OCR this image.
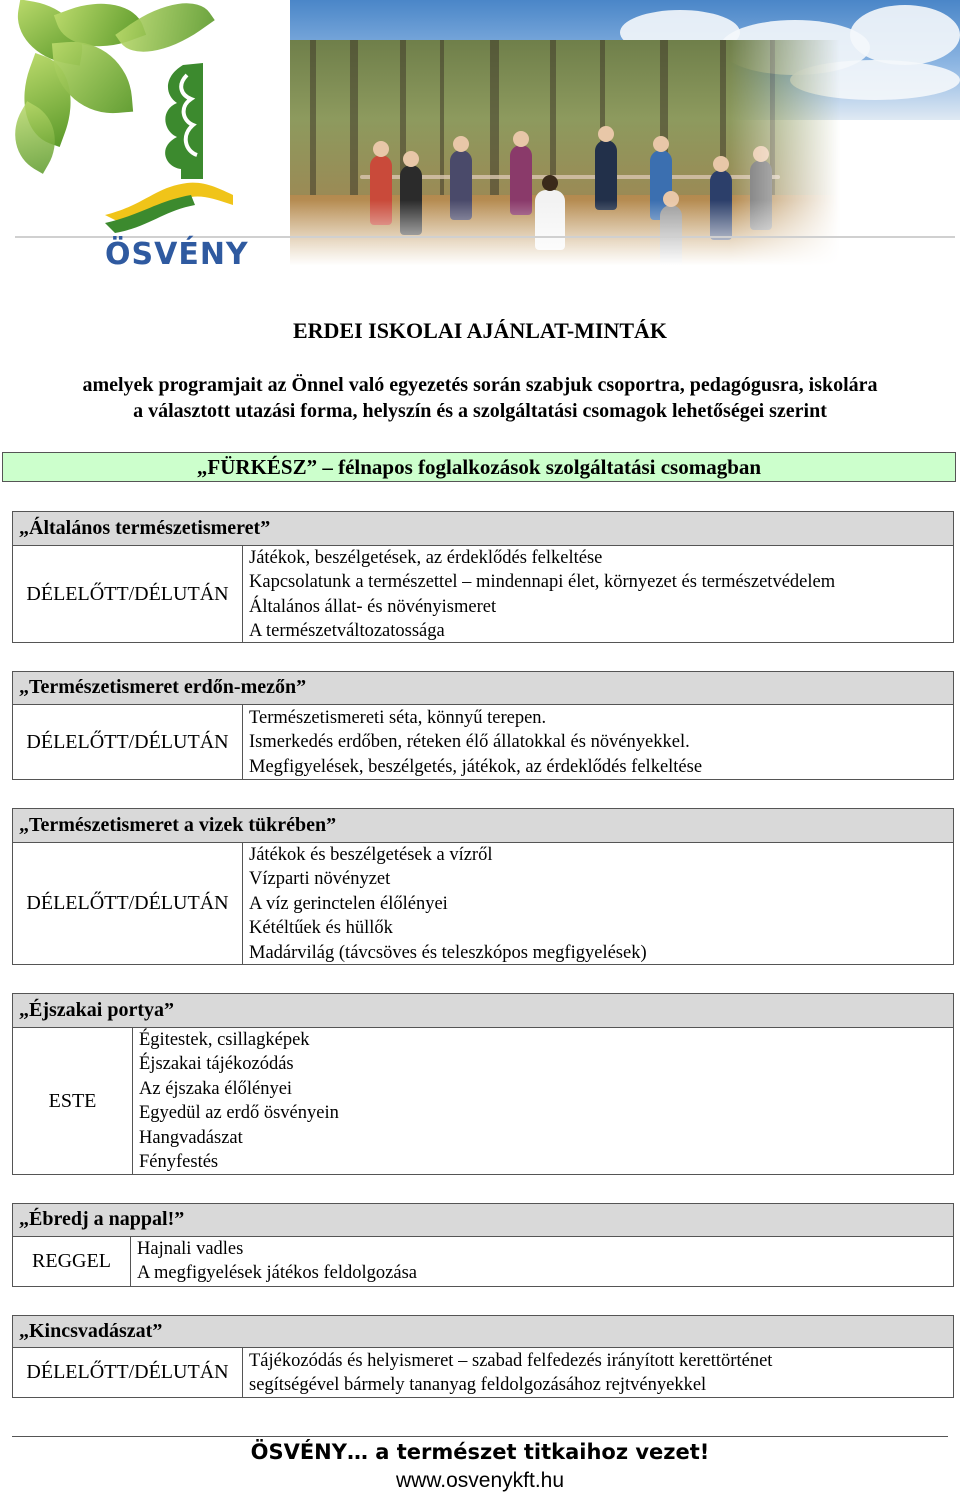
ÖSVÉNY
ERDEI ISKOLAI AJÁNLAT-MINTÁK
amelyek programjait az Önnel való egyezetés során szabjuk csoportra, pedagógusra, iskolára
a választott utazási forma, helyszín és a szolgáltatási csomagok lehetőségei szerint
„FÜRKÉSZ” – félnapos foglalkozások szolgáltatási csomagban
„Általános természetismeret”
DÉLELŐTT/DÉLUTÁN
Játékok, beszélgetések, az érdeklődés felkeltése
Kapcsolatunk a természettel – mindennapi élet, környezet és természetvédelem
Általános állat- és növényismeret
A természetváltozatossága
„Természetismeret erdőn-mezőn”
DÉLELŐTT/DÉLUTÁN
Természetismereti séta, könnyű terepen.
Ismerkedés erdőben, réteken élő állatokkal és növényekkel.
Megfigyelések, beszélgetés, játékok, az érdeklődés felkeltése
„Természetismeret a vizek tükrében”
DÉLELŐTT/DÉLUTÁN
Játékok és beszélgetések a vízről
Vízparti növényzet
A víz gerinctelen élőlényei
Kétéltűek és hüllők
Madárvilág (távcsöves és teleszkópos megfigyelések)
„Éjszakai portya”
ESTE
Égitestek, csillagképek
Éjszakai tájékozódás
Az éjszaka élőlényei
Egyedül az erdő ösvényein
Hangvadászat
Fényfestés
„Ébredj a nappal!”
REGGEL
Hajnali vadles
A megfigyelések játékos feldolgozása
„Kincsvadászat”
DÉLELŐTT/DÉLUTÁN	Tájékozódás és helyismeret – szabad felfedezés irányított kerettörténet
segítségével bármely tananyag feldolgozásához rejtvényekkel
ÖSVÉNY… a természet titkaihoz vezet!
www.osvenykft.hu
